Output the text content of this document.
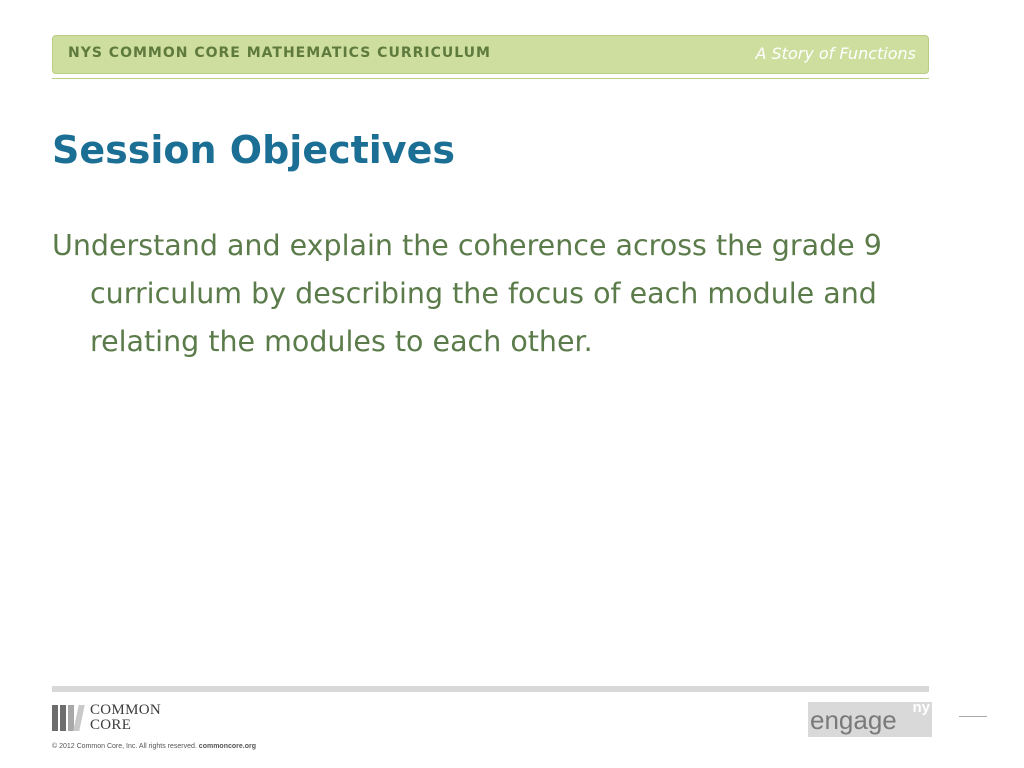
NYS COMMON CORE MATHEMATICS CURRICULUM	A Story of Functions
Session Objectives

Understand and explain the coherence across the grade 9 curriculum by describing the focus of each module and relating the modules to each other.

COMMON
CORE
© 2012 Common Core, Inc. All rights reserved. commoncore.org
engage ny
